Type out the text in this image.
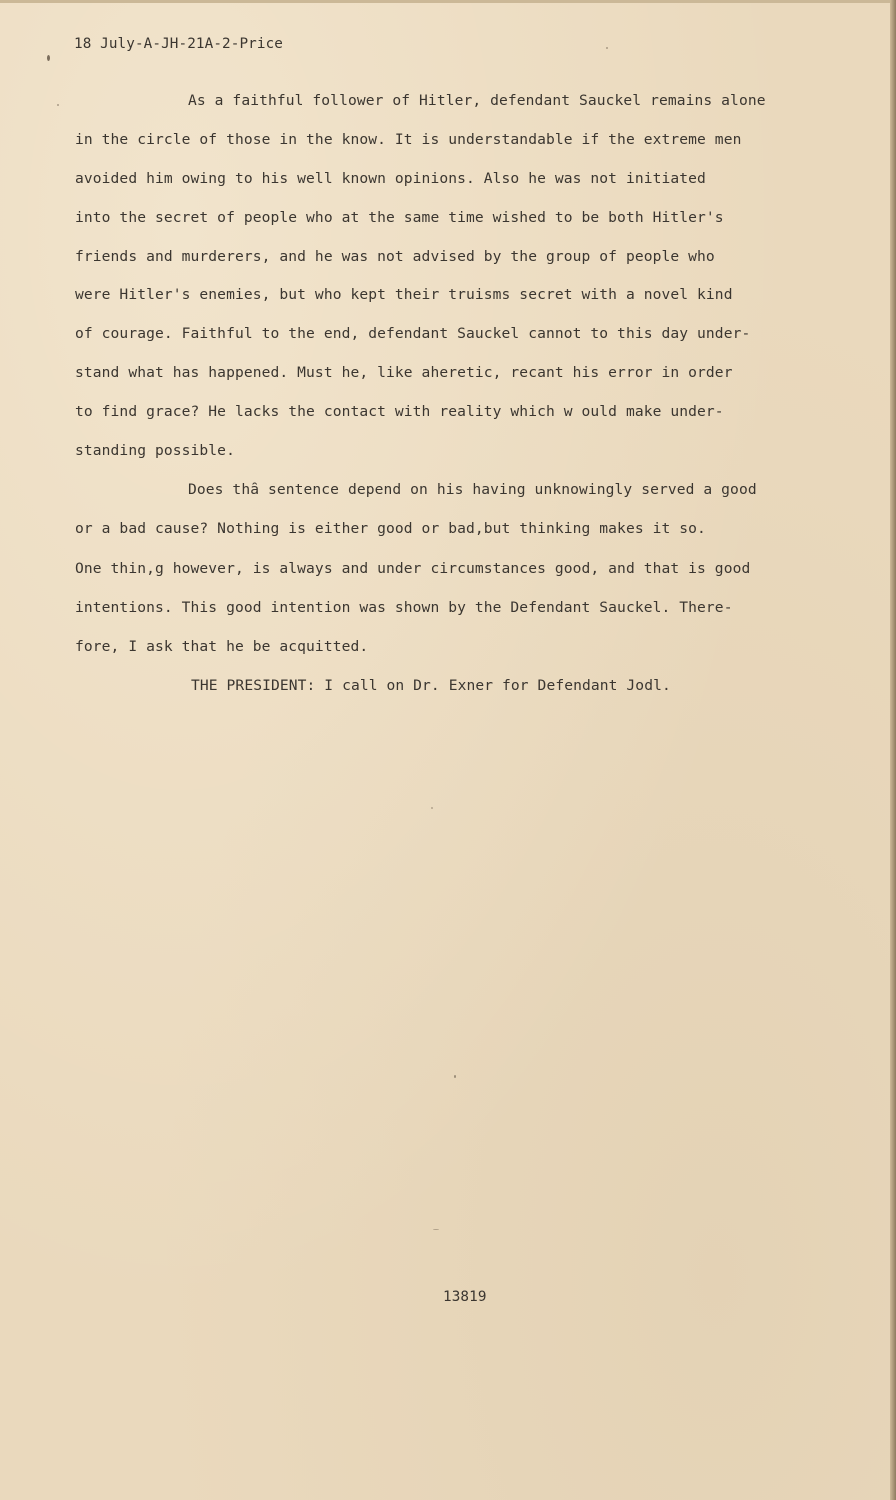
18 July-A-JH-21A-2-Price
As a faithful follower of Hitler, defendant Sauckel remains alone
in the circle of those in the know. It is understandable if the extreme men
avoided him owing to his well known opinions. Also he was not initiated
into the secret of people who at the same time wished to be both Hitler's
friends and murderers, and he was not advised by the group of people who
were Hitler's enemies, but who kept their truisms secret with a novel kind
of courage. Faithful to the end, defendant Sauckel cannot to this day under-
stand what has happened. Must he, like aheretic, recant his error in order
to find grace? He lacks the contact with reality which w ould make under-
standing possible.
Does thȃ sentence depend on his having unknowingly served a good
or a bad cause? Nothing is either good or bad,but thinking makes it so.
One thin,g however, is always and under circumstances good, and that is good
intentions. This good intention was shown by the Defendant Sauckel. There-
fore, I ask that he be acquitted.
THE PRESIDENT: I call on Dr. Exner for Defendant Jodl.
13819
